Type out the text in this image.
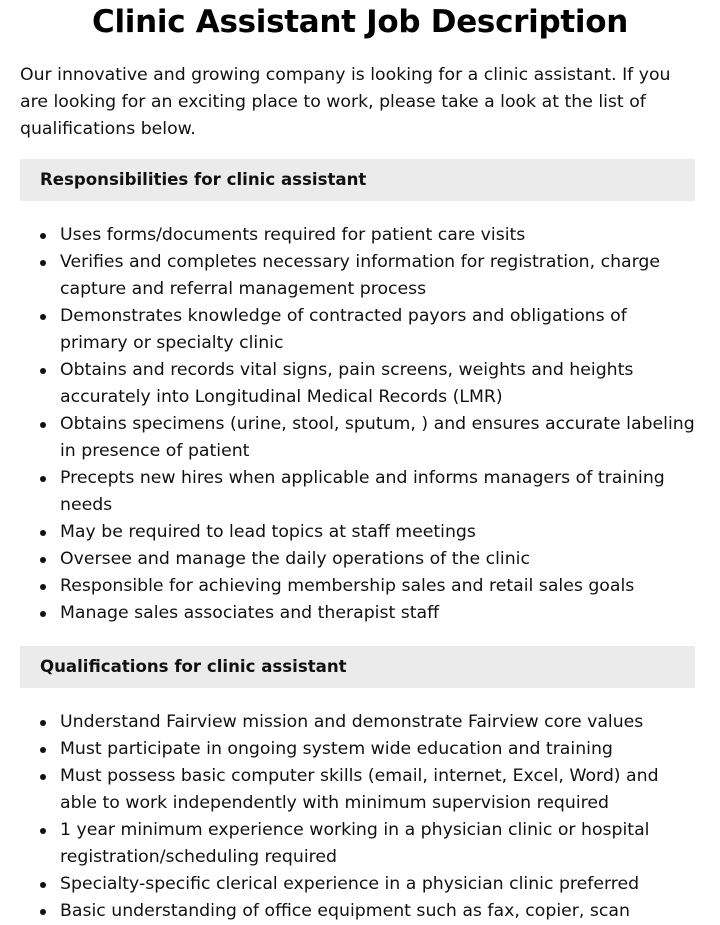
Clinic Assistant Job Description

Our innovative and growing company is looking for a clinic assistant. If you are looking for an exciting place to work, please take a look at the list of qualifications below.

Responsibilities for clinic assistant
Uses forms/documents required for patient care visits
Verifies and completes necessary information for registration, charge capture and referral management process
Demonstrates knowledge of contracted payors and obligations of primary or specialty clinic
Obtains and records vital signs, pain screens, weights and heights accurately into Longitudinal Medical Records (LMR)
Obtains specimens (urine, stool, sputum, ) and ensures accurate labeling in presence of patient
Precepts new hires when applicable and informs managers of training needs
May be required to lead topics at staff meetings
Oversee and manage the daily operations of the clinic
Responsible for achieving membership sales and retail sales goals
Manage sales associates and therapist staff
Qualifications for clinic assistant
Understand Fairview mission and demonstrate Fairview core values
Must participate in ongoing system wide education and training
Must possess basic computer skills (email, internet, Excel, Word) and able to work independently with minimum supervision required
1 year minimum experience working in a physician clinic or hospital registration/scheduling required
Specialty-specific clerical experience in a physician clinic preferred
Basic understanding of office equipment such as fax, copier, scan
